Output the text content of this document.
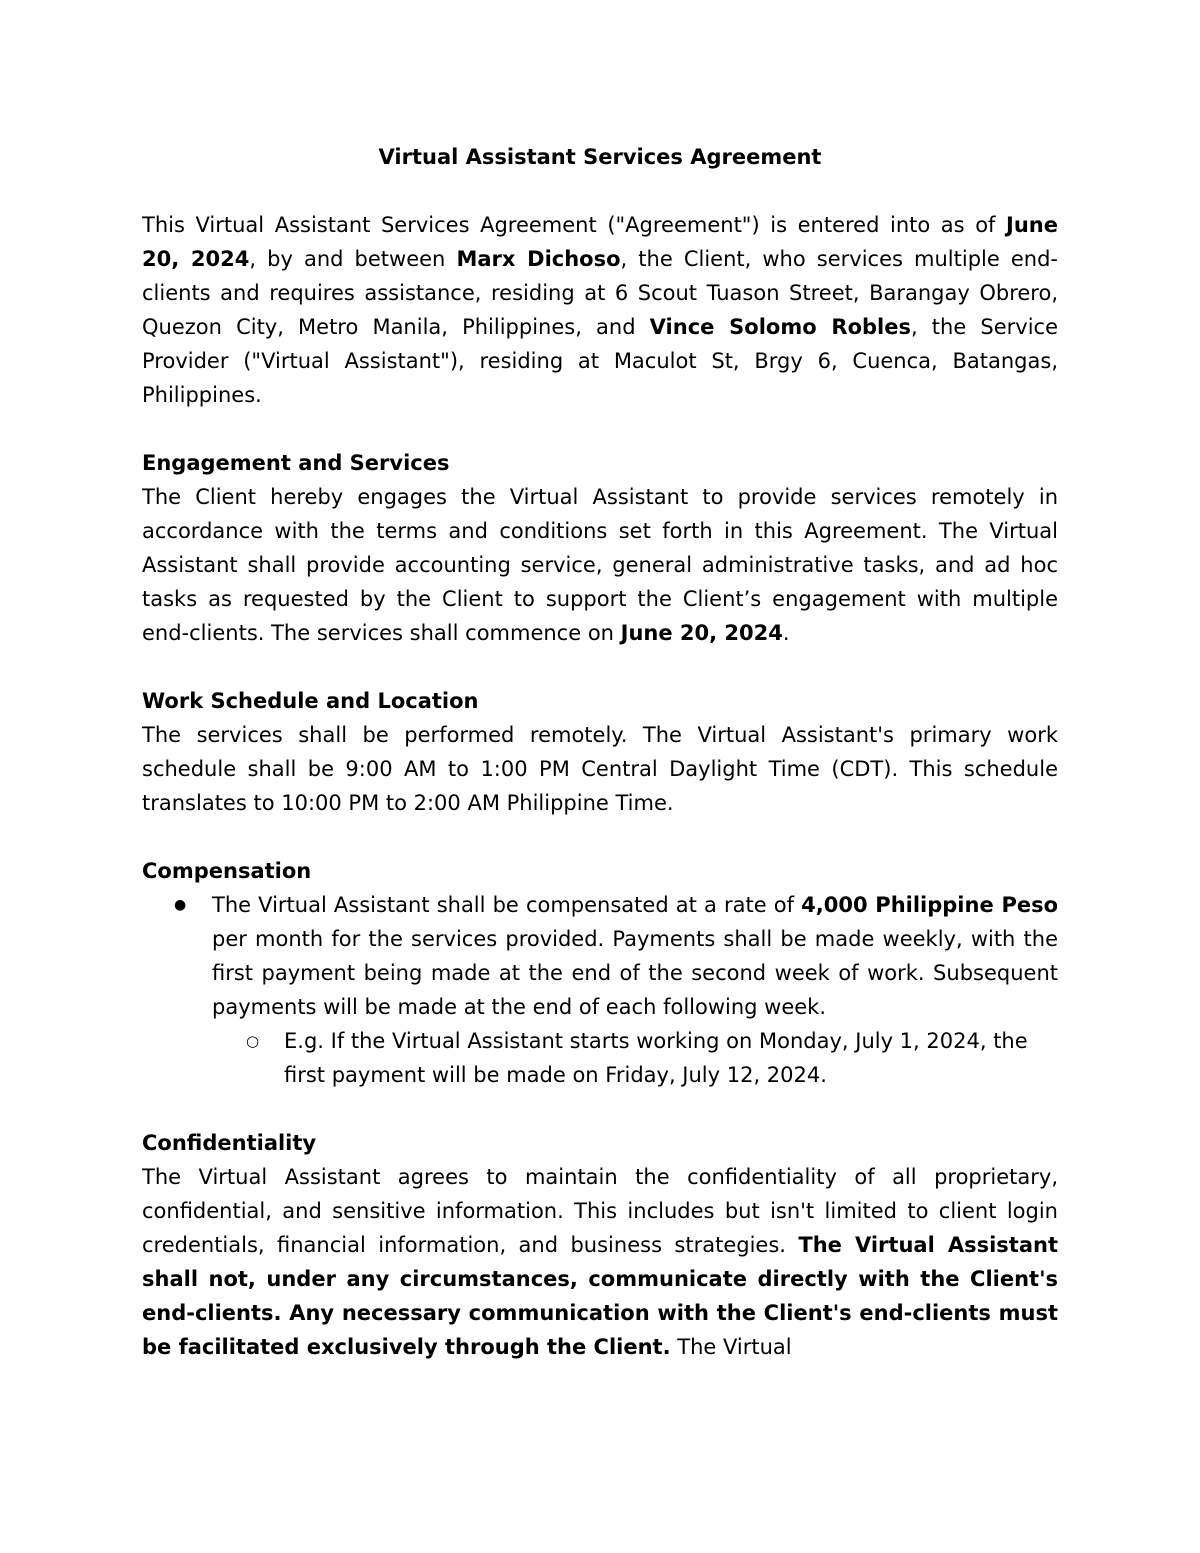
Virtual Assistant Services Agreement

This Virtual Assistant Services Agreement ("Agreement") is entered into as of June 20, 2024, by and between Marx Dichoso, the Client, who services multiple end-clients and requires assistance, residing at 6 Scout Tuason Street, Barangay Obrero, Quezon City, Metro Manila, Philippines, and Vince Solomo Robles, the Service Provider ("Virtual Assistant"), residing at Maculot St, Brgy 6, Cuenca, Batangas, Philippines.

Engagement and Services

The Client hereby engages the Virtual Assistant to provide services remotely in accordance with the terms and conditions set forth in this Agreement. The Virtual Assistant shall provide accounting service, general administrative tasks, and ad hoc tasks as requested by the Client to support the Client’s engagement with multiple end-clients. The services shall commence on June 20, 2024.

Work Schedule and Location

The services shall be performed remotely. The Virtual Assistant's primary work schedule shall be 9:00 AM to 1:00 PM Central Daylight Time (CDT). This schedule translates to 10:00 PM to 2:00 AM Philippine Time.

Compensation
● The Virtual Assistant shall be compensated at a rate of 4,000 Philippine Peso per month for the services provided. Payments shall be made weekly, with the first payment being made at the end of the second week of work. Subsequent payments will be made at the end of each following week.
○ E.g. If the Virtual Assistant starts working on Monday, July 1, 2024, the first payment will be made on Friday, July 12, 2024.
Confidentiality

The Virtual Assistant agrees to maintain the confidentiality of all proprietary, confidential, and sensitive information. This includes but isn't limited to client login credentials, financial information, and business strategies. The Virtual Assistant shall not, under any circumstances, communicate directly with the Client's end-clients. Any necessary communication with the Client's end-clients must be facilitated exclusively through the Client. The Virtual
